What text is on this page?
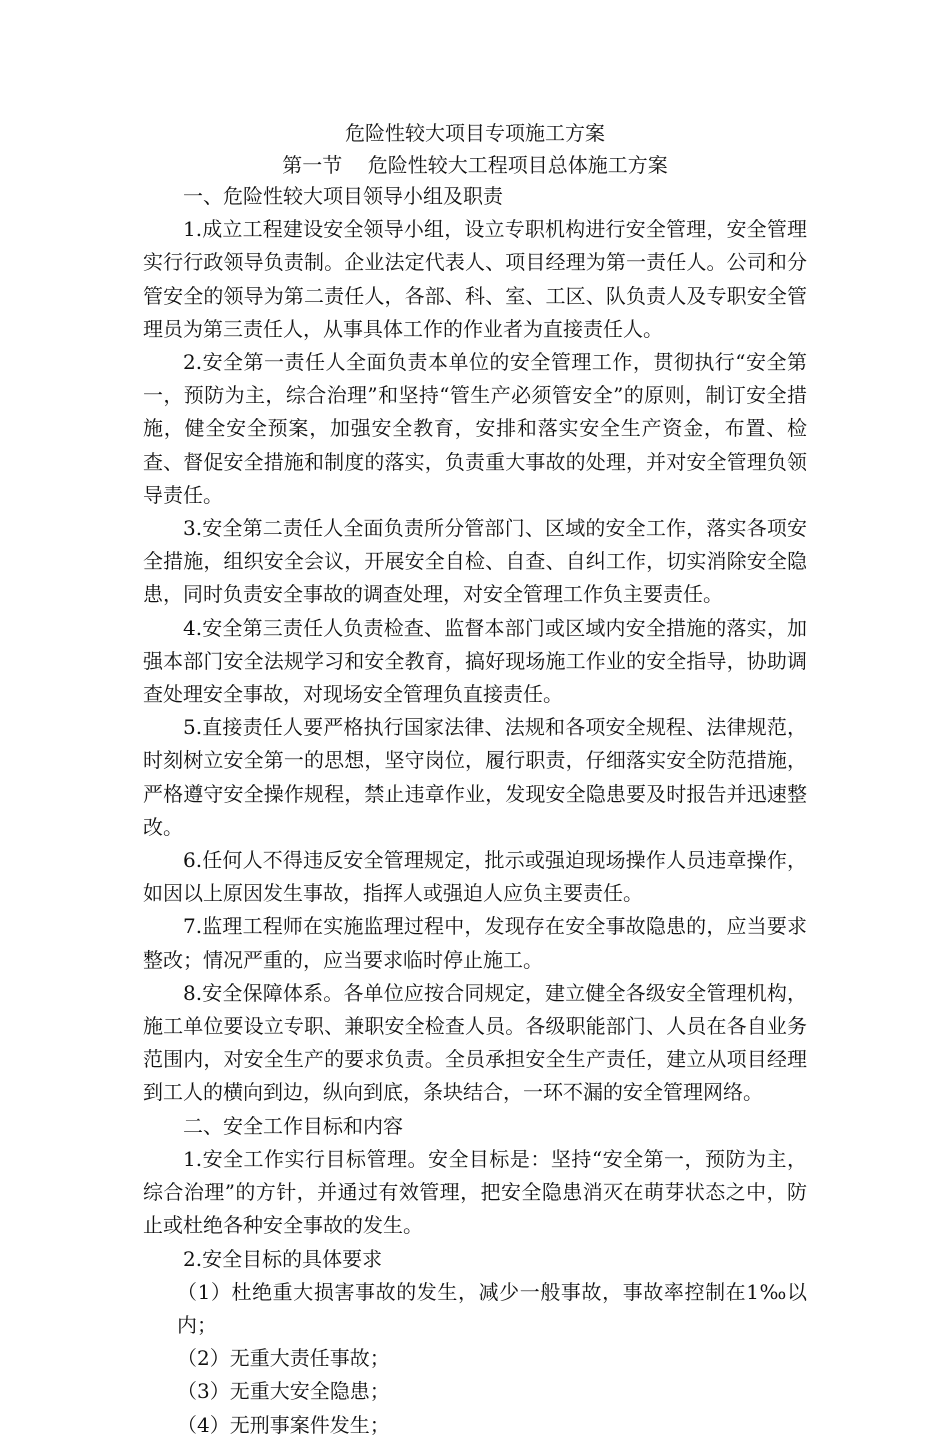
危险性较大项目专项施工方案
第一节    危险性较大工程项目总体施工方案

一、危险性较大项目领导小组及职责

1.成立工程建设安全领导小组，设立专职机构进行安全管理，安全管理实行行政领导负责制。企业法定代表人、项目经理为第一责任人。公司和分管安全的领导为第二责任人，各部、科、室、工区、队负责人及专职安全管理员为第三责任人，从事具体工作的作业者为直接责任人。

2.安全第一责任人全面负责本单位的安全管理工作，贯彻执行“安全第一，预防为主，综合治理”和坚持“管生产必须管安全”的原则，制订安全措施，健全安全预案，加强安全教育，安排和落实安全生产资金，布置、检查、督促安全措施和制度的落实，负责重大事故的处理，并对安全管理负领导责任。

3.安全第二责任人全面负责所分管部门、区域的安全工作，落实各项安全措施，组织安全会议，开展安全自检、自查、自纠工作，切实消除安全隐患，同时负责安全事故的调查处理，对安全管理工作负主要责任。

4.安全第三责任人负责检查、监督本部门或区域内安全措施的落实，加强本部门安全法规学习和安全教育，搞好现场施工作业的安全指导，协助调查处理安全事故，对现场安全管理负直接责任。

5.直接责任人要严格执行国家法律、法规和各项安全规程、法律规范，时刻树立安全第一的思想，坚守岗位，履行职责，仔细落实安全防范措施，严格遵守安全操作规程，禁止违章作业，发现安全隐患要及时报告并迅速整改。

6.任何人不得违反安全管理规定，批示或强迫现场操作人员违章操作，如因以上原因发生事故，指挥人或强迫人应负主要责任。

7.监理工程师在实施监理过程中，发现存在安全事故隐患的，应当要求整改；情况严重的，应当要求临时停止施工。

8.安全保障体系。各单位应按合同规定，建立健全各级安全管理机构，施工单位要设立专职、兼职安全检查人员。各级职能部门、人员在各自业务范围内，对安全生产的要求负责。全员承担安全生产责任，建立从项目经理到工人的横向到边，纵向到底，条块结合，一环不漏的安全管理网络。

二、安全工作目标和内容

1.安全工作实行目标管理。安全目标是：坚持“安全第一，预防为主，综合治理”的方针，并通过有效管理，把安全隐患消灭在萌芽状态之中，防止或杜绝各种安全事故的发生。

2.安全目标的具体要求

（1）杜绝重大损害事故的发生，减少一般事故，事故率控制在1‰以内；

（2）无重大责任事故；

（3）无重大安全隐患；

（4）无刑事案件发生；
